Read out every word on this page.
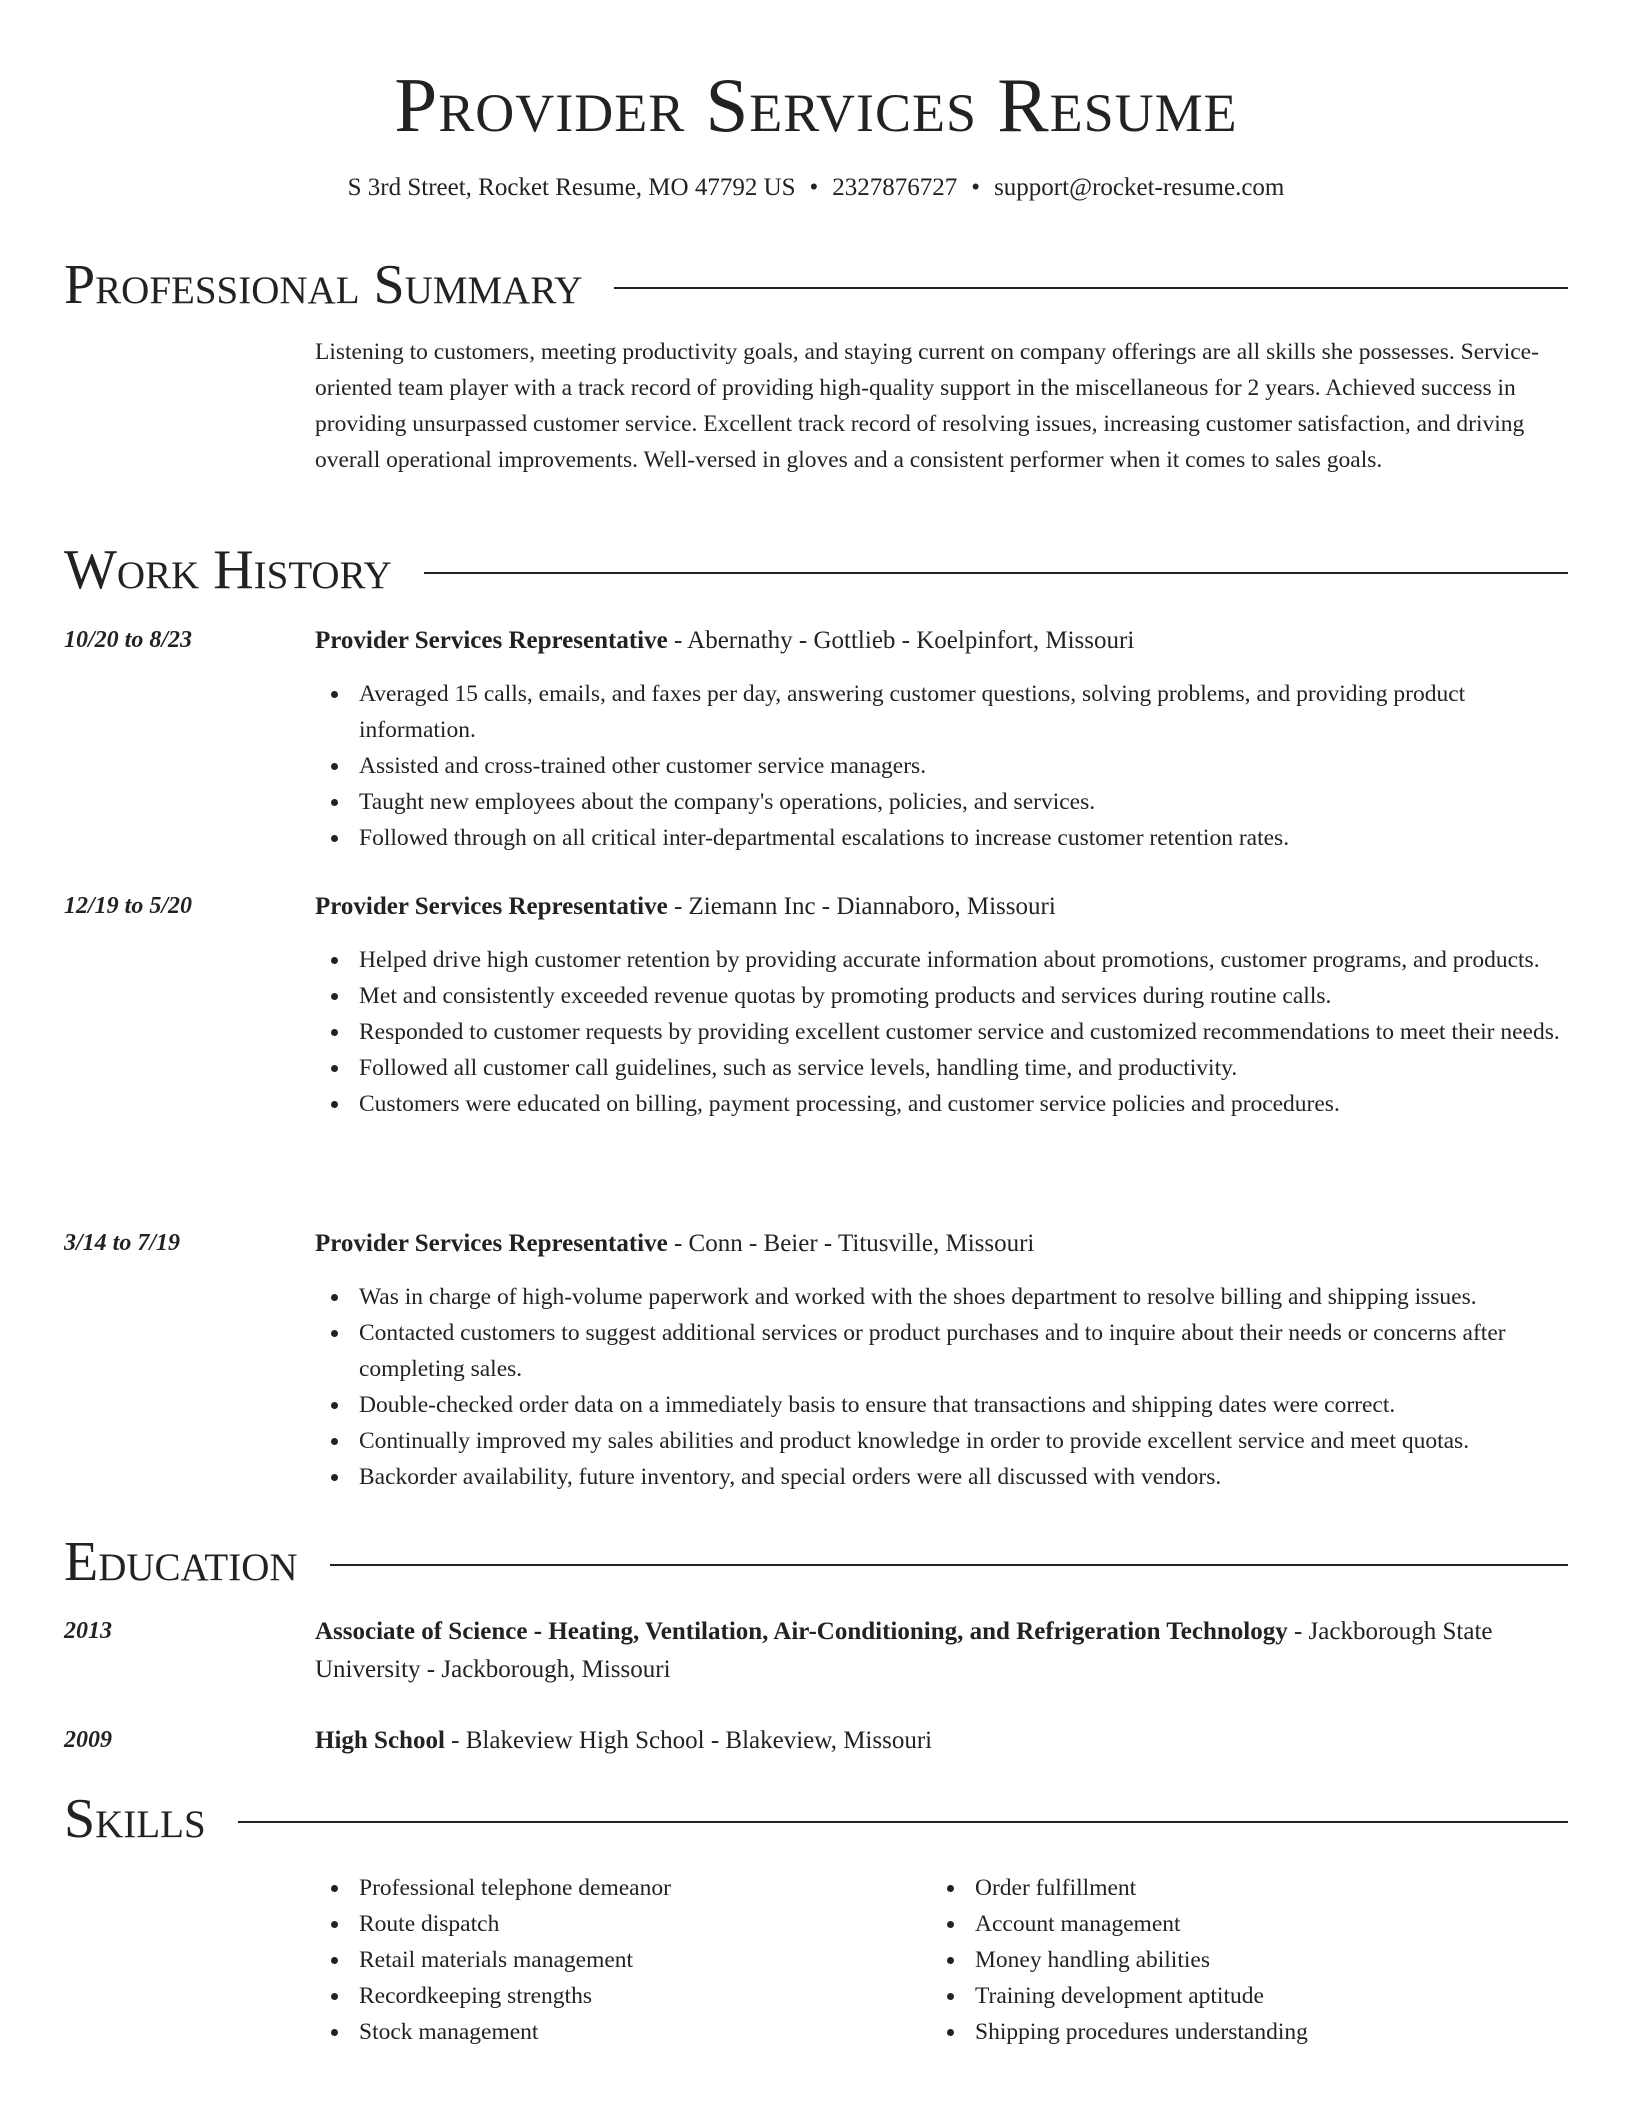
Provider Services Resume

S 3rd Street, Rocket Resume, MO 47792 US • 2327876727 • support@rocket-resume.com

Professional Summary

Listening to customers, meeting productivity goals, and staying current on company offerings are all skills she possesses. Service-oriented team player with a track record of providing high-quality support in the miscellaneous for 2 years. Achieved success in providing unsurpassed customer service. Excellent track record of resolving issues, increasing customer satisfaction, and driving overall operational improvements. Well-versed in gloves and a consistent performer when it comes to sales goals.

Work History
10/20 to 8/23	Provider Services Representative - Abernathy - Gottlieb - Koelpinfort, Missouri
Averaged 15 calls, emails, and faxes per day, answering customer questions, solving problems, and providing product information.
Assisted and cross-trained other customer service managers.
Taught new employees about the company's operations, policies, and services.
Followed through on all critical inter-departmental escalations to increase customer retention rates.
12/19 to 5/20	Provider Services Representative - Ziemann Inc - Diannaboro, Missouri
Helped drive high customer retention by providing accurate information about promotions, customer programs, and products.
Met and consistently exceeded revenue quotas by promoting products and services during routine calls.
Responded to customer requests by providing excellent customer service and customized recommendations to meet their needs.
Followed all customer call guidelines, such as service levels, handling time, and productivity.
Customers were educated on billing, payment processing, and customer service policies and procedures.
3/14 to 7/19	Provider Services Representative - Conn - Beier - Titusville, Missouri
Was in charge of high-volume paperwork and worked with the shoes department to resolve billing and shipping issues.
Contacted customers to suggest additional services or product purchases and to inquire about their needs or concerns after completing sales.
Double-checked order data on a immediately basis to ensure that transactions and shipping dates were correct.
Continually improved my sales abilities and product knowledge in order to provide excellent service and meet quotas.
Backorder availability, future inventory, and special orders were all discussed with vendors.
Education
2013	Associate of Science - Heating, Ventilation, Air-Conditioning, and Refrigeration Technology - Jackborough State University - Jackborough, Missouri
2009	High School - Blakeview High School - Blakeview, Missouri
Skills
Professional telephone demeanor
Route dispatch
Retail materials management
Recordkeeping strengths
Stock management
Order fulfillment
Account management
Money handling abilities
Training development aptitude
Shipping procedures understanding
